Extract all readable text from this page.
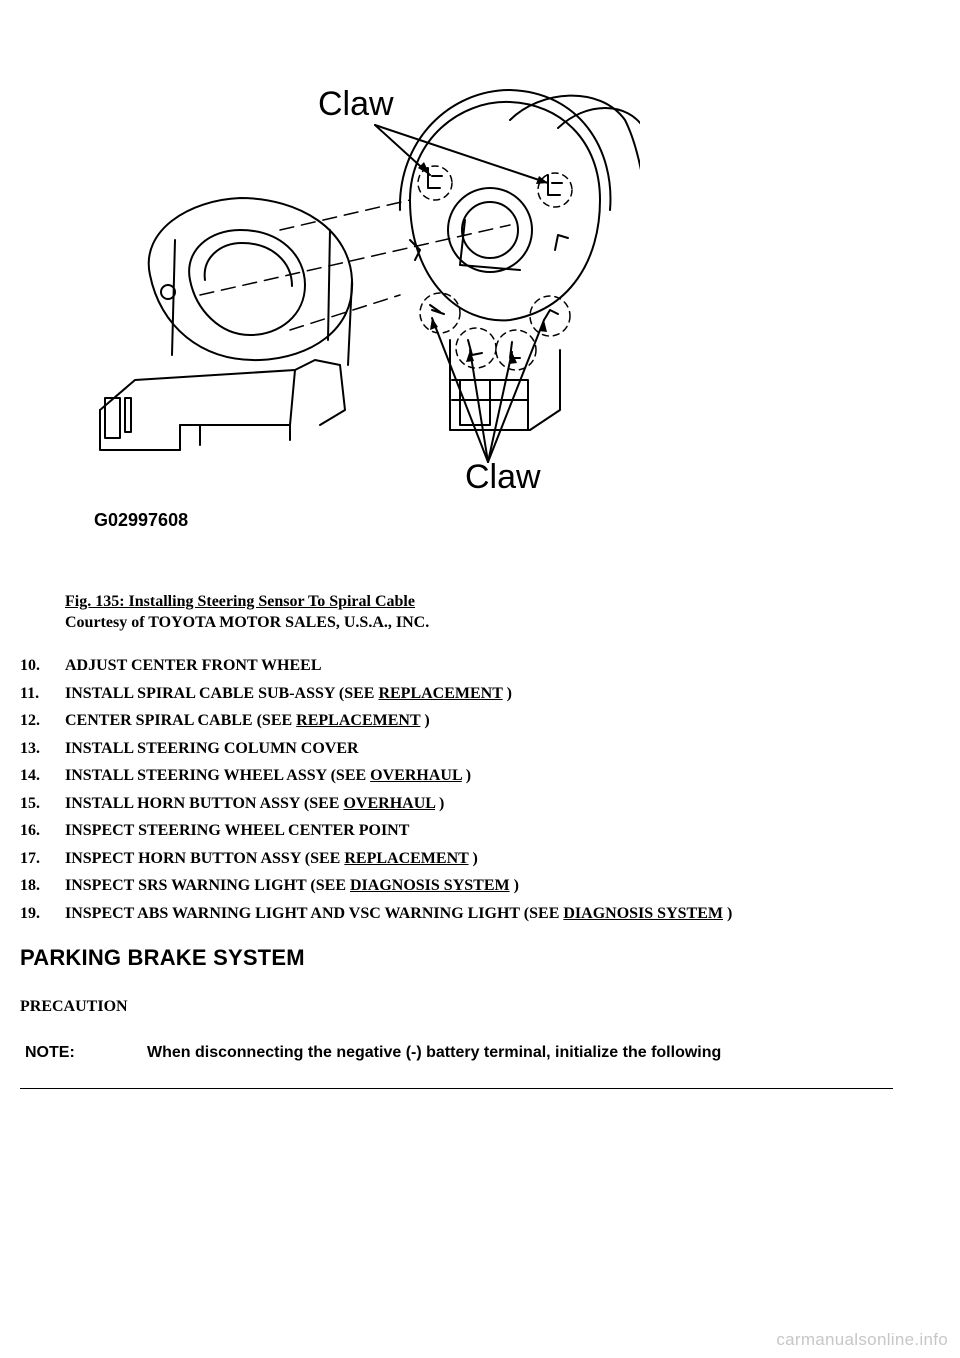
Claw
Claw
G02997608
Fig. 135: Installing Steering Sensor To Spiral Cable
Courtesy of TOYOTA MOTOR SALES, U.S.A., INC.
10. ADJUST CENTER FRONT WHEEL
11. INSTALL SPIRAL CABLE SUB-ASSY (SEE REPLACEMENT )
12. CENTER SPIRAL CABLE (SEE REPLACEMENT )
13. INSTALL STEERING COLUMN COVER
14. INSTALL STEERING WHEEL ASSY (SEE OVERHAUL )
15. INSTALL HORN BUTTON ASSY (SEE OVERHAUL )
16. INSPECT STEERING WHEEL CENTER POINT
17. INSPECT HORN BUTTON ASSY (SEE REPLACEMENT )
18. INSPECT SRS WARNING LIGHT (SEE DIAGNOSIS SYSTEM )
19. INSPECT ABS WARNING LIGHT AND VSC WARNING LIGHT (SEE DIAGNOSIS SYSTEM )
PARKING BRAKE SYSTEM
PRECAUTION
NOTE:	When disconnecting the negative (-) battery terminal, initialize the following
carmanualsonline.info
